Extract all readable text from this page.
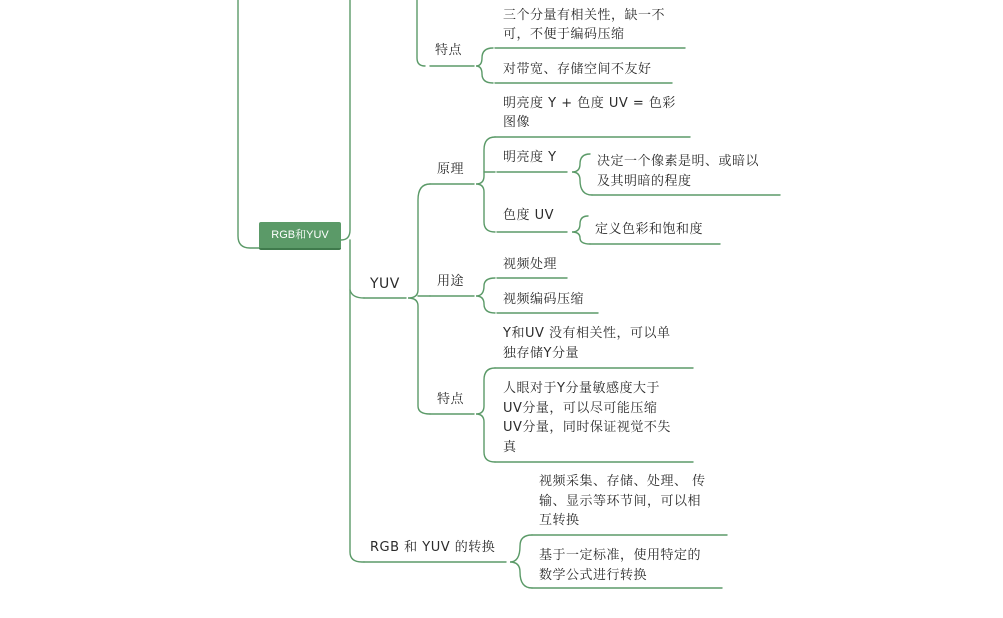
RGB和YUV
特点
三个分量有相关性，缺一不
可，不便于编码压缩
对带宽、存储空间不友好
YUV
原理
明亮度 Y + 色度 UV = 色彩
图像
明亮度 Y	决定一个像素是明、或暗以
及其明暗的程度
色度 UV
定义色彩和饱和度
用途
视频处理
视频编码压缩
特点
Y和UV 没有相关性，可以单
独存储Y分量
人眼对于Y分量敏感度大于
UV分量，可以尽可能压缩
UV分量，同时保证视觉不失
真
RGB 和 YUV 的转换
视频采集、存储、处理、 传
输、显示等环节间，可以相
互转换
基于一定标准，使用特定的
数学公式进行转换
